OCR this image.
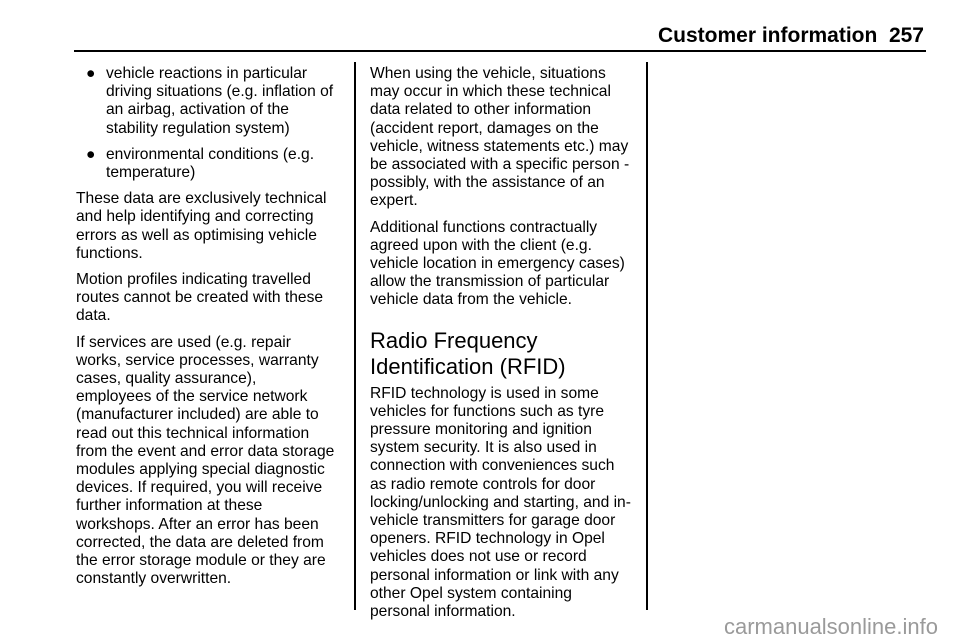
Customer information 257
● vehicle reactions in particular
driving situations (e.g. inflation of
an airbag, activation of the
stability regulation system)
● environmental conditions (e.g.
temperature)
These data are exclusively technical
and help identifying and correcting
errors as well as optimising vehicle
functions.
Motion profiles indicating travelled
routes cannot be created with these
data.
If services are used (e.g. repair
works, service processes, warranty
cases, quality assurance),
employees of the service network
(manufacturer included) are able to
read out this technical information
from the event and error data storage
modules applying special diagnostic
devices. If required, you will receive
further information at these
workshops. After an error has been
corrected, the data are deleted from
the error storage module or they are
constantly overwritten.
When using the vehicle, situations
may occur in which these technical
data related to other information
(accident report, damages on the
vehicle, witness statements etc.) may
be associated with a specific person -
possibly, with the assistance of an
expert.
Additional functions contractually
agreed upon with the client (e.g.
vehicle location in emergency cases)
allow the transmission of particular
vehicle data from the vehicle.
Radio Frequency
Identification (RFID)
RFID technology is used in some
vehicles for functions such as tyre
pressure monitoring and ignition
system security. It is also used in
connection with conveniences such
as radio remote controls for door
locking/unlocking and starting, and in-
vehicle transmitters for garage door
openers. RFID technology in Opel
vehicles does not use or record
personal information or link with any
other Opel system containing
personal information.
carmanualsonline.info
